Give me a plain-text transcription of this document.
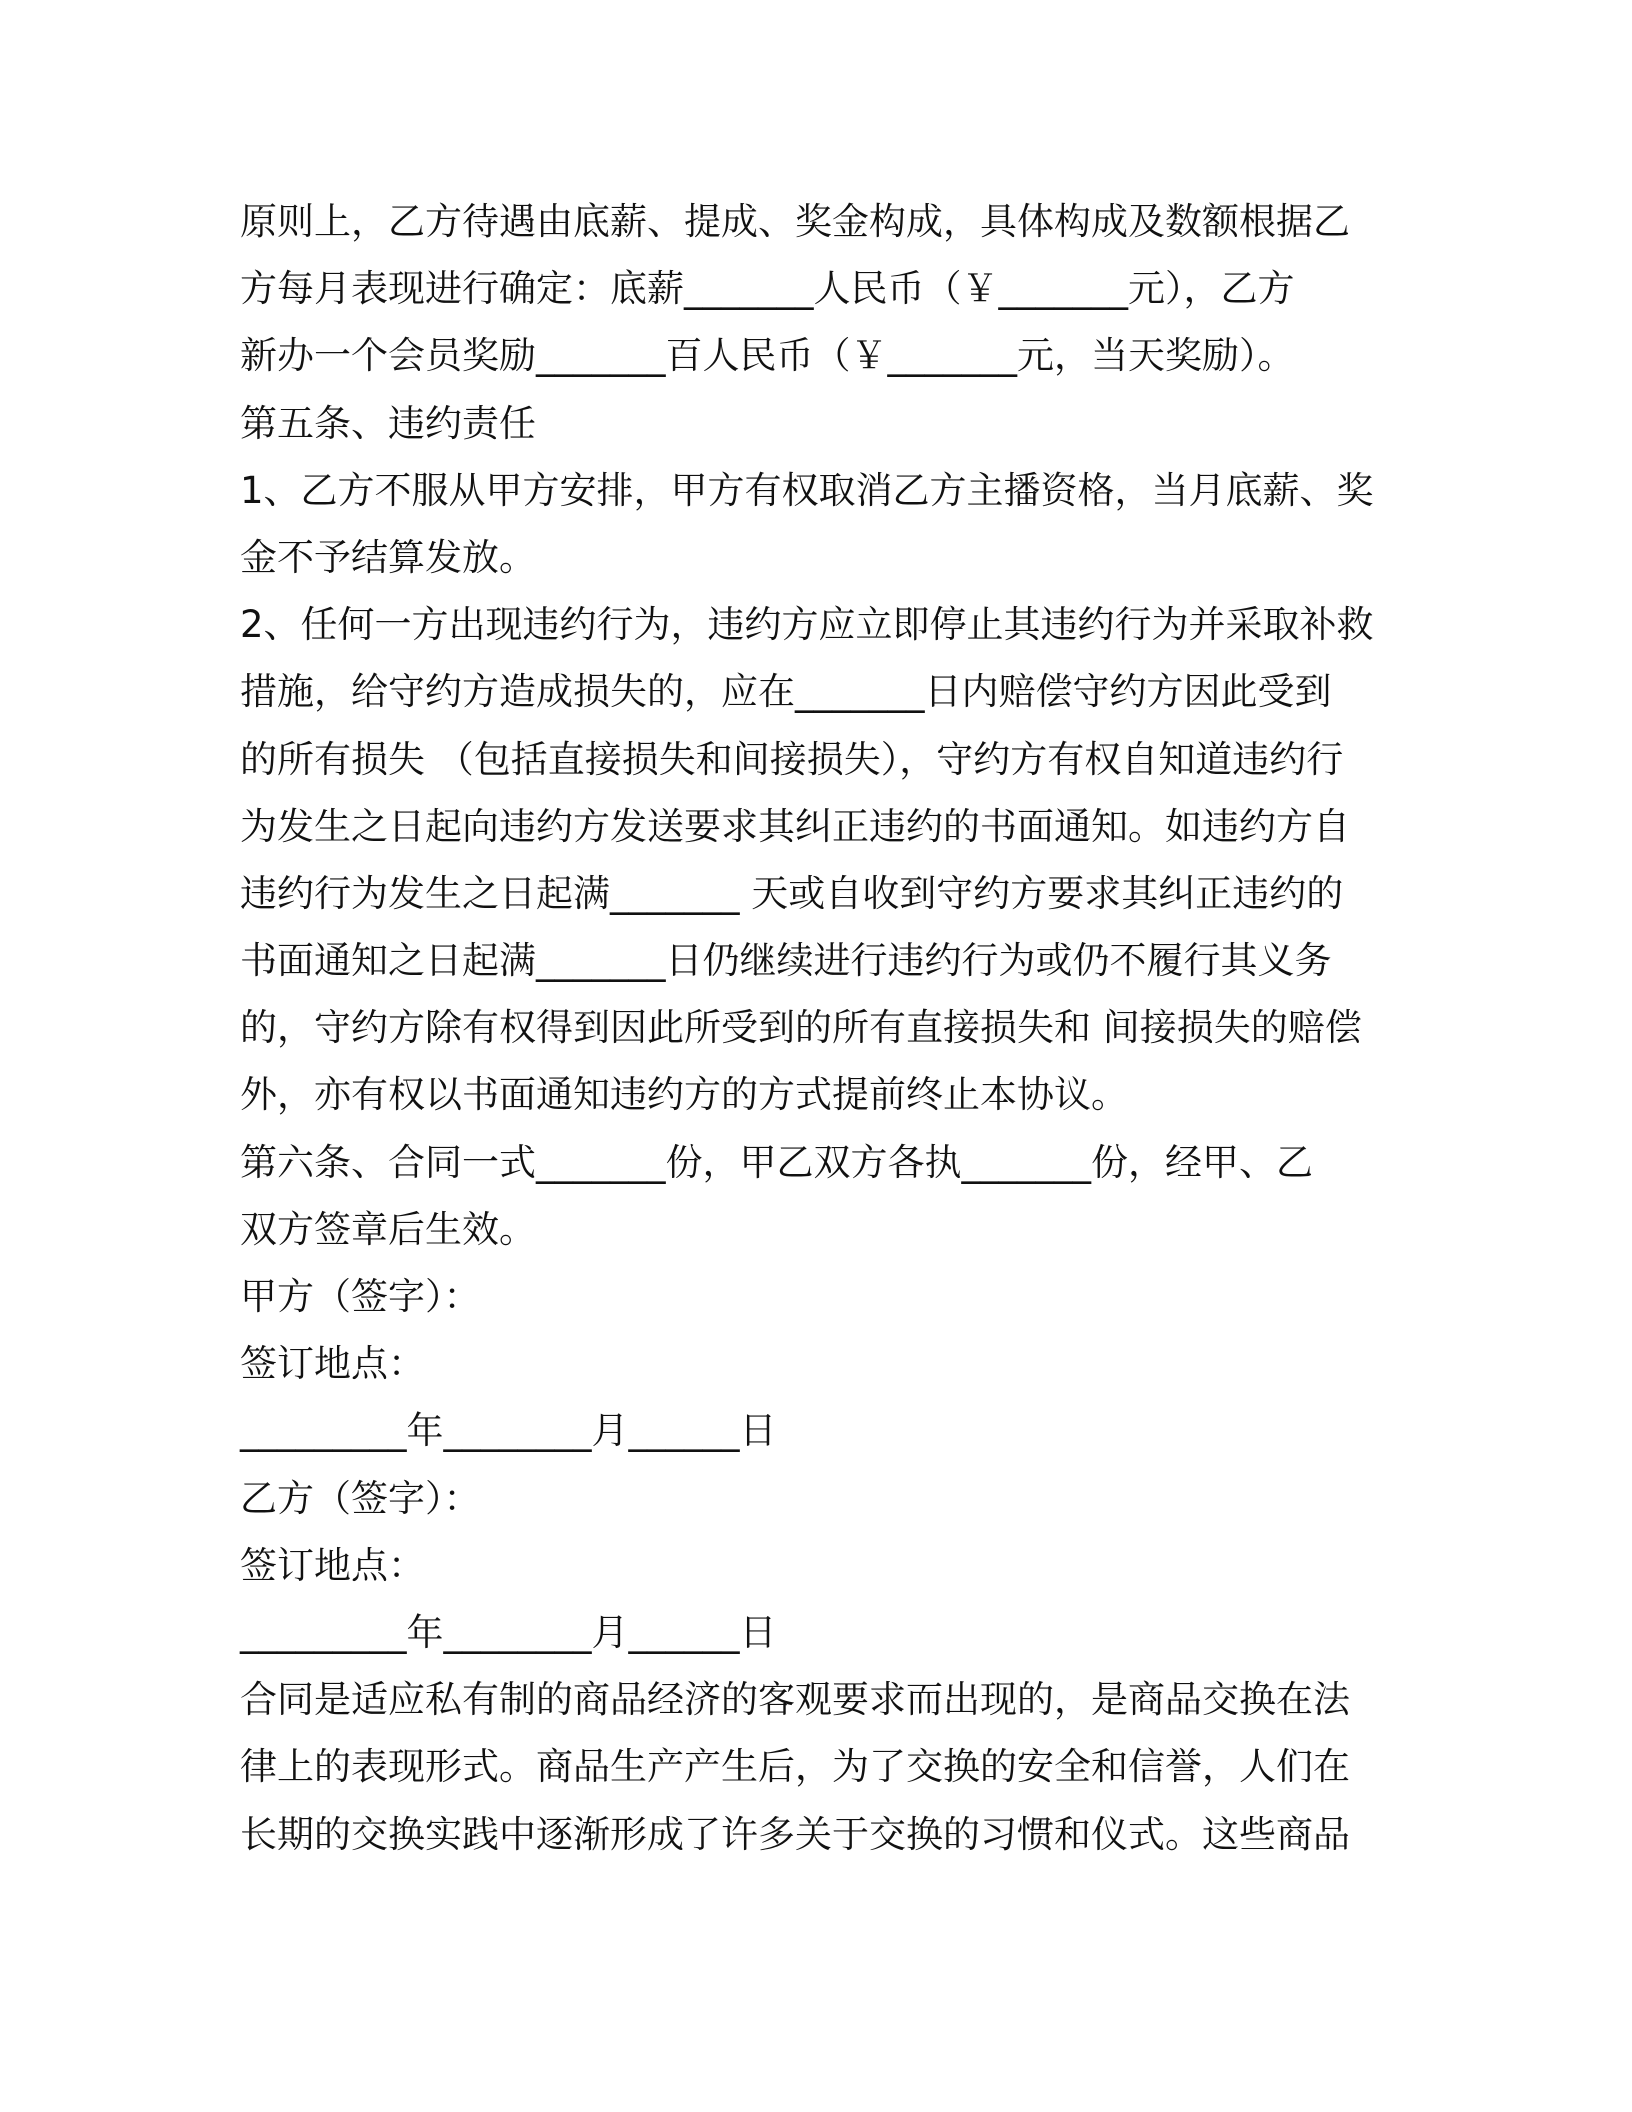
原则上，乙方待遇由底薪、提成、奖金构成，具体构成及数额根据乙
方每月表现进行确定：底薪_______人民币（￥_______元），乙方
新办一个会员奖励_______百人民币（￥_______元，当天奖励）。
第五条、违约责任
1、乙方不服从甲方安排，甲方有权取消乙方主播资格，当月底薪、奖
金不予结算发放。
2、任何一方出现违约行为，违约方应立即停止其违约行为并采取补救
措施，给守约方造成损失的，应在_______日内赔偿守约方因此受到
的所有损失 （包括直接损失和间接损失），守约方有权自知道违约行
为发生之日起向违约方发送要求其纠正违约的书面通知。如违约方自
违约行为发生之日起满_______ 天或自收到守约方要求其纠正违约的
书面通知之日起满_______日仍继续进行违约行为或仍不履行其义务
的，守约方除有权得到因此所受到的所有直接损失和 间接损失的赔偿
外，亦有权以书面通知违约方的方式提前终止本协议。
第六条、合同一式_______份，甲乙双方各执_______份，经甲、乙
双方签章后生效。
甲方（签字）：
签订地点：
_________年________月______日
乙方（签字）：
签订地点：
_________年________月______日
合同是适应私有制的商品经济的客观要求而出现的，是商品交换在法
律上的表现形式。商品生产产生后，为了交换的安全和信誉，人们在
长期的交换实践中逐渐形成了许多关于交换的习惯和仪式。这些商品
